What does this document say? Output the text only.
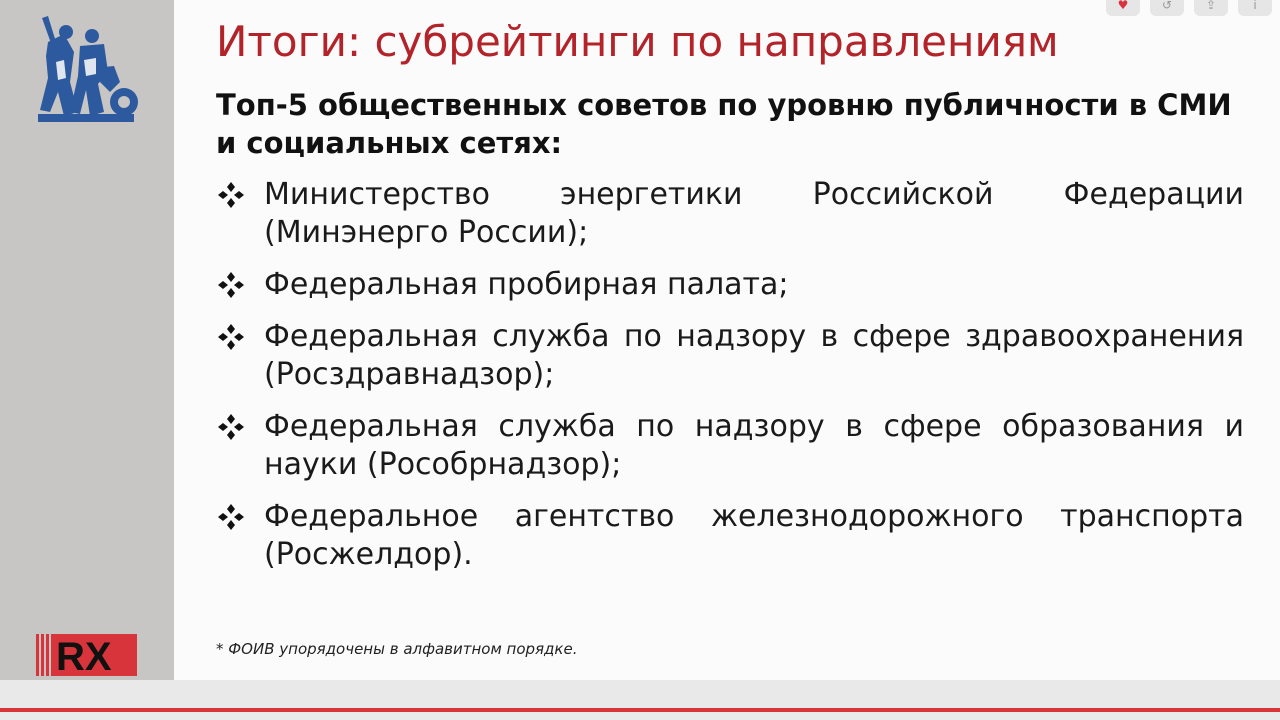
RX
Итоги: субрейтинги по направлениям

Топ-5 общественных советов по уровню публичности в СМИ и социальных сетях:

Министерство энергетики Российской Федерации (Минэнерго России);
Федеральная пробирная палата;
Федеральная служба по надзору в сфере здравоохранения (Росздравнадзор);
Федеральная служба по надзору в сфере образования и науки (Рособрнадзор);
Федеральное агентство железнодорожного транспорта (Росжелдор).

* ФОИВ упорядочены в алфавитном порядке.

♥	↺	⇪	i
